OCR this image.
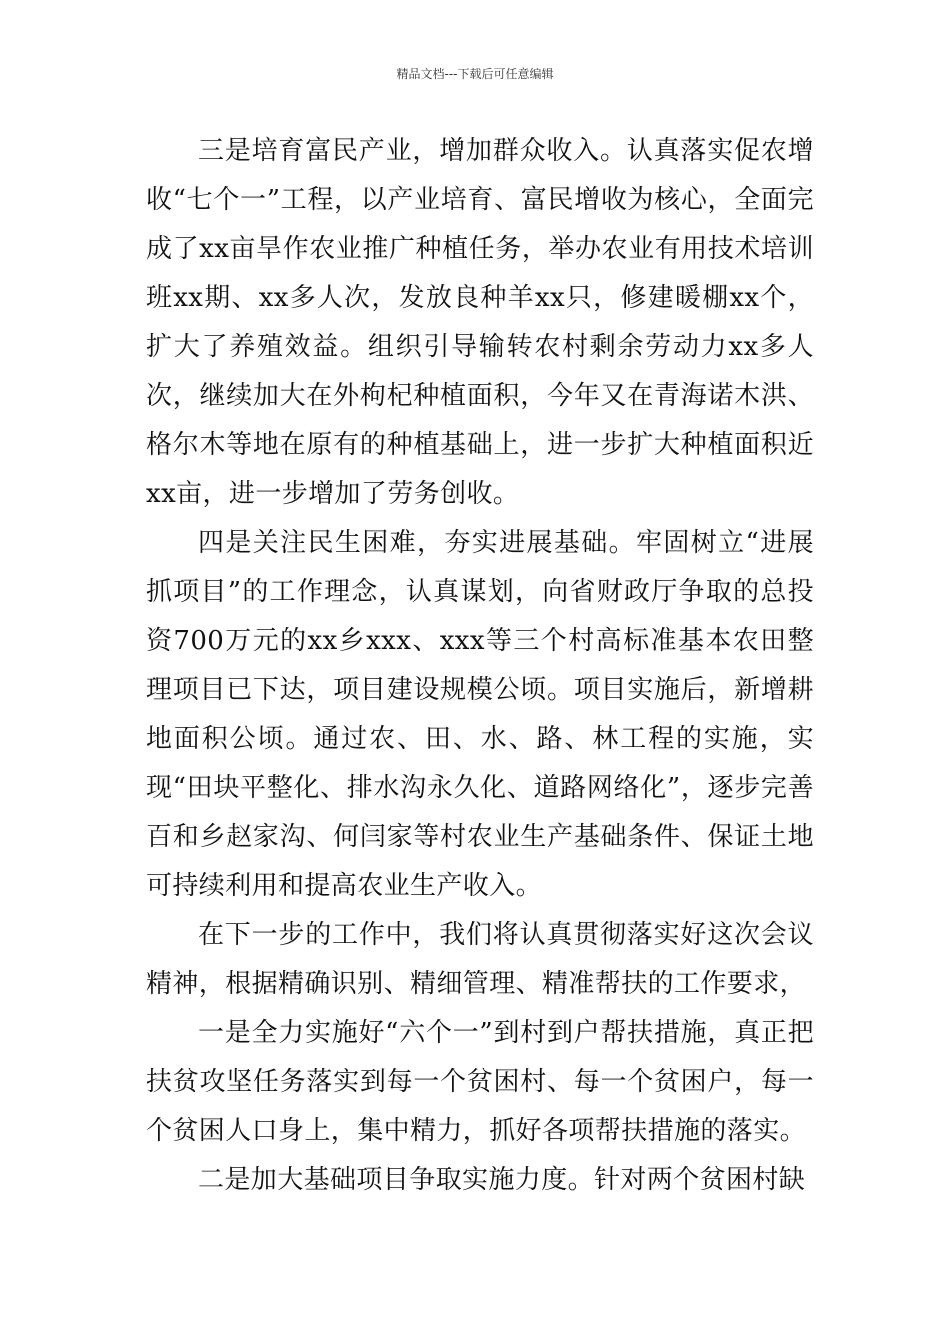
精品文档---下载后可任意编辑

三是培育富民产业，增加群众收入。认真落实促农增收“七个一”工程，以产业培育、富民增收为核心，全面完成了xx亩旱作农业推广种植任务，举办农业有用技术培训班xx期、xx多人次，发放良种羊xx只，修建暖棚xx个，扩大了养殖效益。组织引导输转农村剩余劳动力xx多人次，继续加大在外枸杞种植面积，今年又在青海诺木洪、格尔木等地在原有的种植基础上，进一步扩大种植面积近xx亩，进一步增加了劳务创收。

四是关注民生困难，夯实进展基础。牢固树立“进展抓项目”的工作理念，认真谋划，向省财政厅争取的总投资700万元的xx乡xxx、xxx等三个村高标准基本农田整理项目已下达，项目建设规模公顷。项目实施后，新增耕地面积公顷。通过农、田、水、路、林工程的实施，实现“田块平整化、排水沟永久化、道路网络化”，逐步完善百和乡赵家沟、何闫家等村农业生产基础条件、保证土地可持续利用和提高农业生产收入。

在下一步的工作中，我们将认真贯彻落实好这次会议精神，根据精确识别、精细管理、精准帮扶的工作要求，

一是全力实施好“六个一”到村到户帮扶措施，真正把扶贫攻坚任务落实到每一个贫困村、每一个贫困户，每一个贫困人口身上，集中精力，抓好各项帮扶措施的落实。

二是加大基础项目争取实施力度。针对两个贫困村缺
